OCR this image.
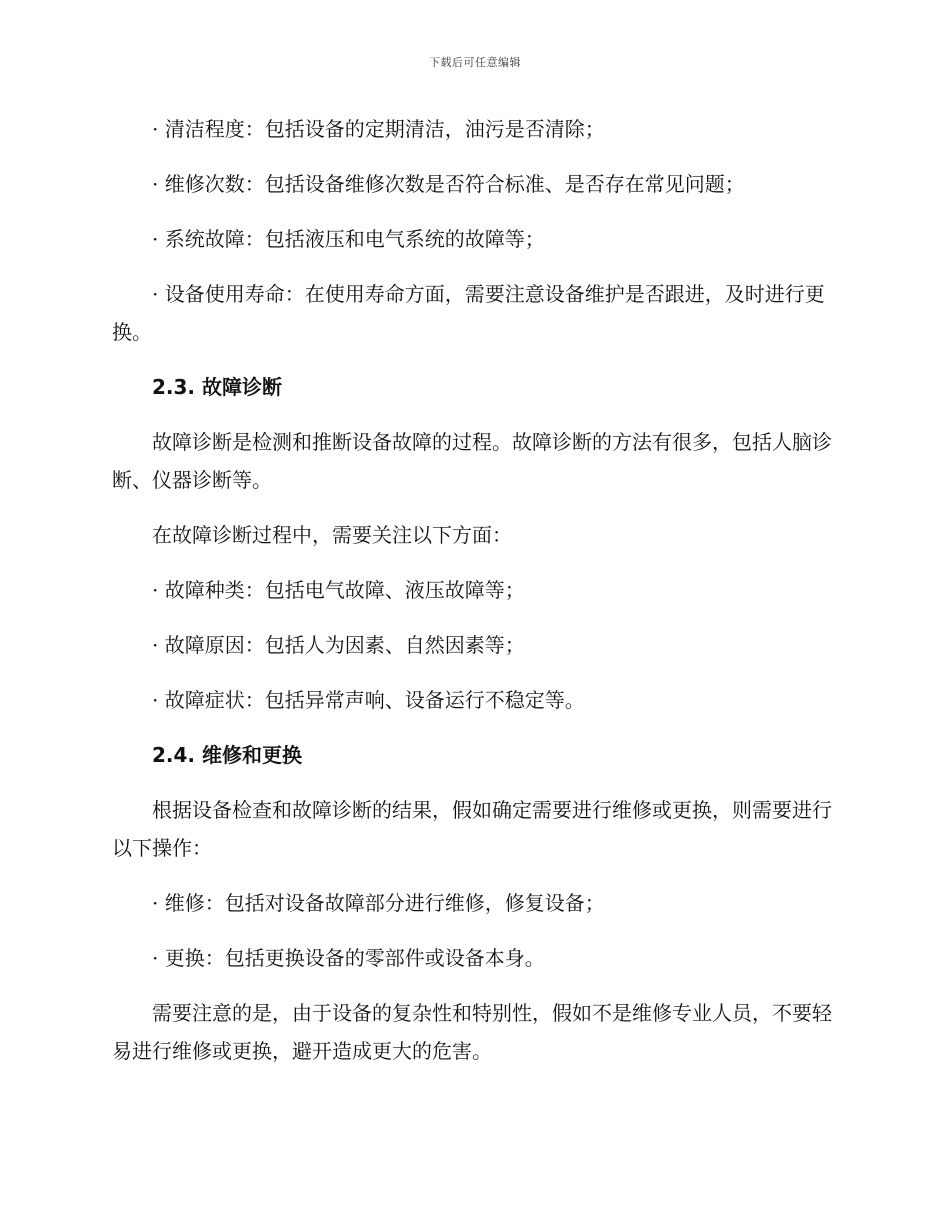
下载后可任意编辑

· 清洁程度：包括设备的定期清洁，油污是否清除；

· 维修次数：包括设备维修次数是否符合标准、是否存在常见问题；

· 系统故障：包括液压和电气系统的故障等；

· 设备使用寿命：在使用寿命方面，需要注意设备维护是否跟进，及时进行更换。

2.3. 故障诊断

故障诊断是检测和推断设备故障的过程。故障诊断的方法有很多，包括人脑诊断、仪器诊断等。

在故障诊断过程中，需要关注以下方面：

· 故障种类：包括电气故障、液压故障等；

· 故障原因：包括人为因素、自然因素等；

· 故障症状：包括异常声响、设备运行不稳定等。

2.4. 维修和更换

根据设备检查和故障诊断的结果，假如确定需要进行维修或更换，则需要进行以下操作：

· 维修：包括对设备故障部分进行维修，修复设备；

· 更换：包括更换设备的零部件或设备本身。

需要注意的是，由于设备的复杂性和特别性，假如不是维修专业人员，不要轻易进行维修或更换，避开造成更大的危害。
